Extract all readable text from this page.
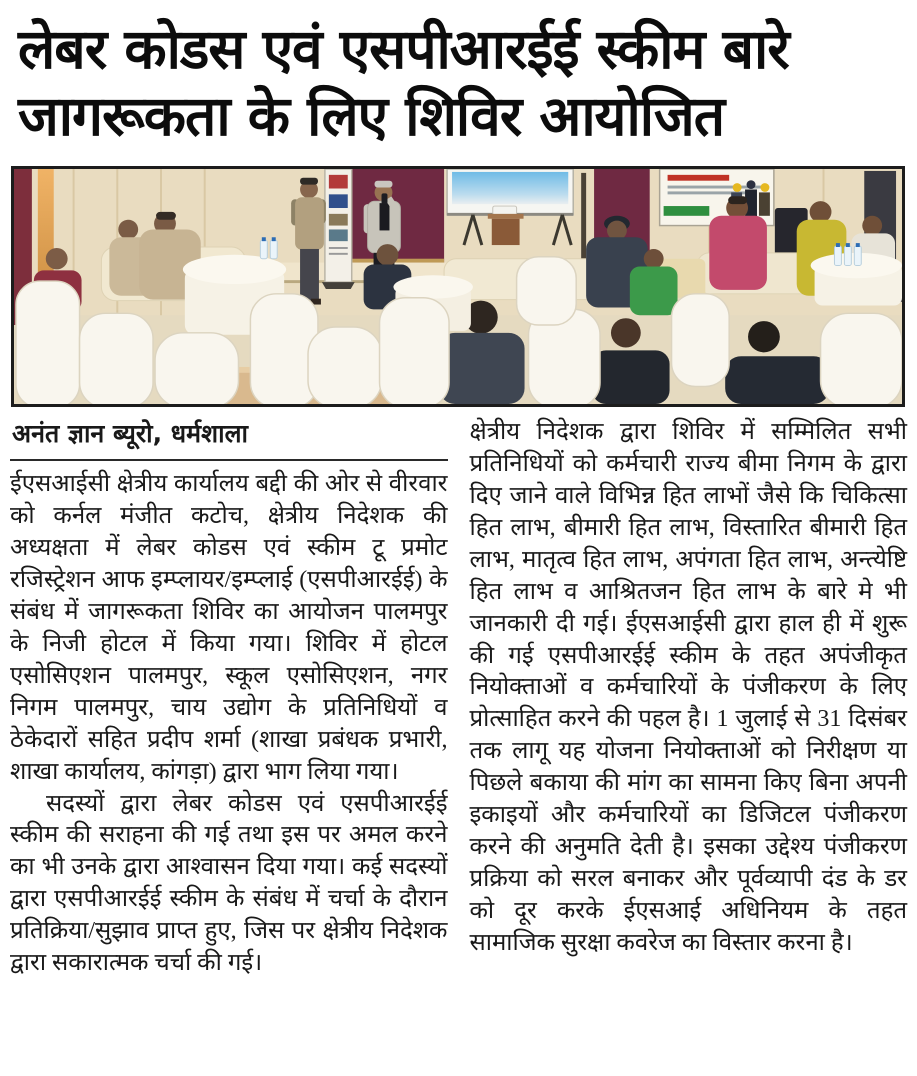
लेबर कोडस एवं एसपीआरईई स्कीम बारे
जागरूकता के लिए शिविर आयोजित
अनंत ज्ञान ब्यूरो, धर्मशाला

ईएसआईसी क्षेत्रीय कार्यालय बद्दी की ओर से वीरवार को कर्नल मंजीत कटोच, क्षेत्रीय निदेशक की अध्यक्षता में लेबर कोडस एवं स्कीम टू प्रमोट रजिस्ट्रेशन आफ इम्प्लायर/इम्प्लाई (एसपीआरईई) के संबंध में जागरूकता शिविर का आयोजन पालमपुर के निजी होटल में किया गया। शिविर में होटल एसोसिएशन पालमपुर, स्कूल एसोसिएशन, नगर निगम पालमपुर, चाय उद्योग के प्रतिनिधियों व ठेकेदारों सहित प्रदीप शर्मा (शाखा प्रबंधक प्रभारी, शाखा कार्यालय, कांगड़ा) द्वारा भाग लिया गया।

सदस्यों द्वारा लेबर कोडस एवं एसपीआरईई स्कीम की सराहना की गई तथा इस पर अमल करने का भी उनके द्वारा आश्वासन दिया गया। कई सदस्यों द्वारा एसपीआरईई स्कीम के संबंध में चर्चा के दौरान प्रतिक्रिया/सुझाव प्राप्त हुए, जिस पर क्षेत्रीय निदेशक द्वारा सकारात्मक चर्चा की गई।

क्षेत्रीय निदेशक द्वारा शिविर में सम्मिलित सभी प्रतिनिधियों को कर्मचारी राज्य बीमा निगम के द्वारा दिए जाने वाले विभिन्न हित लाभों जैसे कि चिकित्सा हित लाभ, बीमारी हित लाभ, विस्तारित बीमारी हित लाभ, मातृत्व हित लाभ, अपंगता हित लाभ, अन्त्येष्टि हित लाभ व आश्रितजन हित लाभ के बारे मे भी जानकारी दी गई। ईएसआईसी द्वारा हाल ही में शुरू की गई एसपीआरईई स्कीम के तहत अपंजीकृत नियोक्ताओं व कर्मचारियों के पंजीकरण के लिए प्रोत्साहित करने की पहल है। 1 जुलाई से 31 दिसंबर तक लागू यह योजना नियोक्ताओं को निरीक्षण या पिछले बकाया की मांग का सामना किए बिना अपनी इकाइयों और कर्मचारियों का डिजिटल पंजीकरण करने की अनुमति देती है। इसका उद्देश्य पंजीकरण प्रक्रिया को सरल बनाकर और पूर्वव्यापी दंड के डर को दूर करके ईएसआई अधिनियम के तहत सामाजिक सुरक्षा कवरेज का विस्तार करना है।
